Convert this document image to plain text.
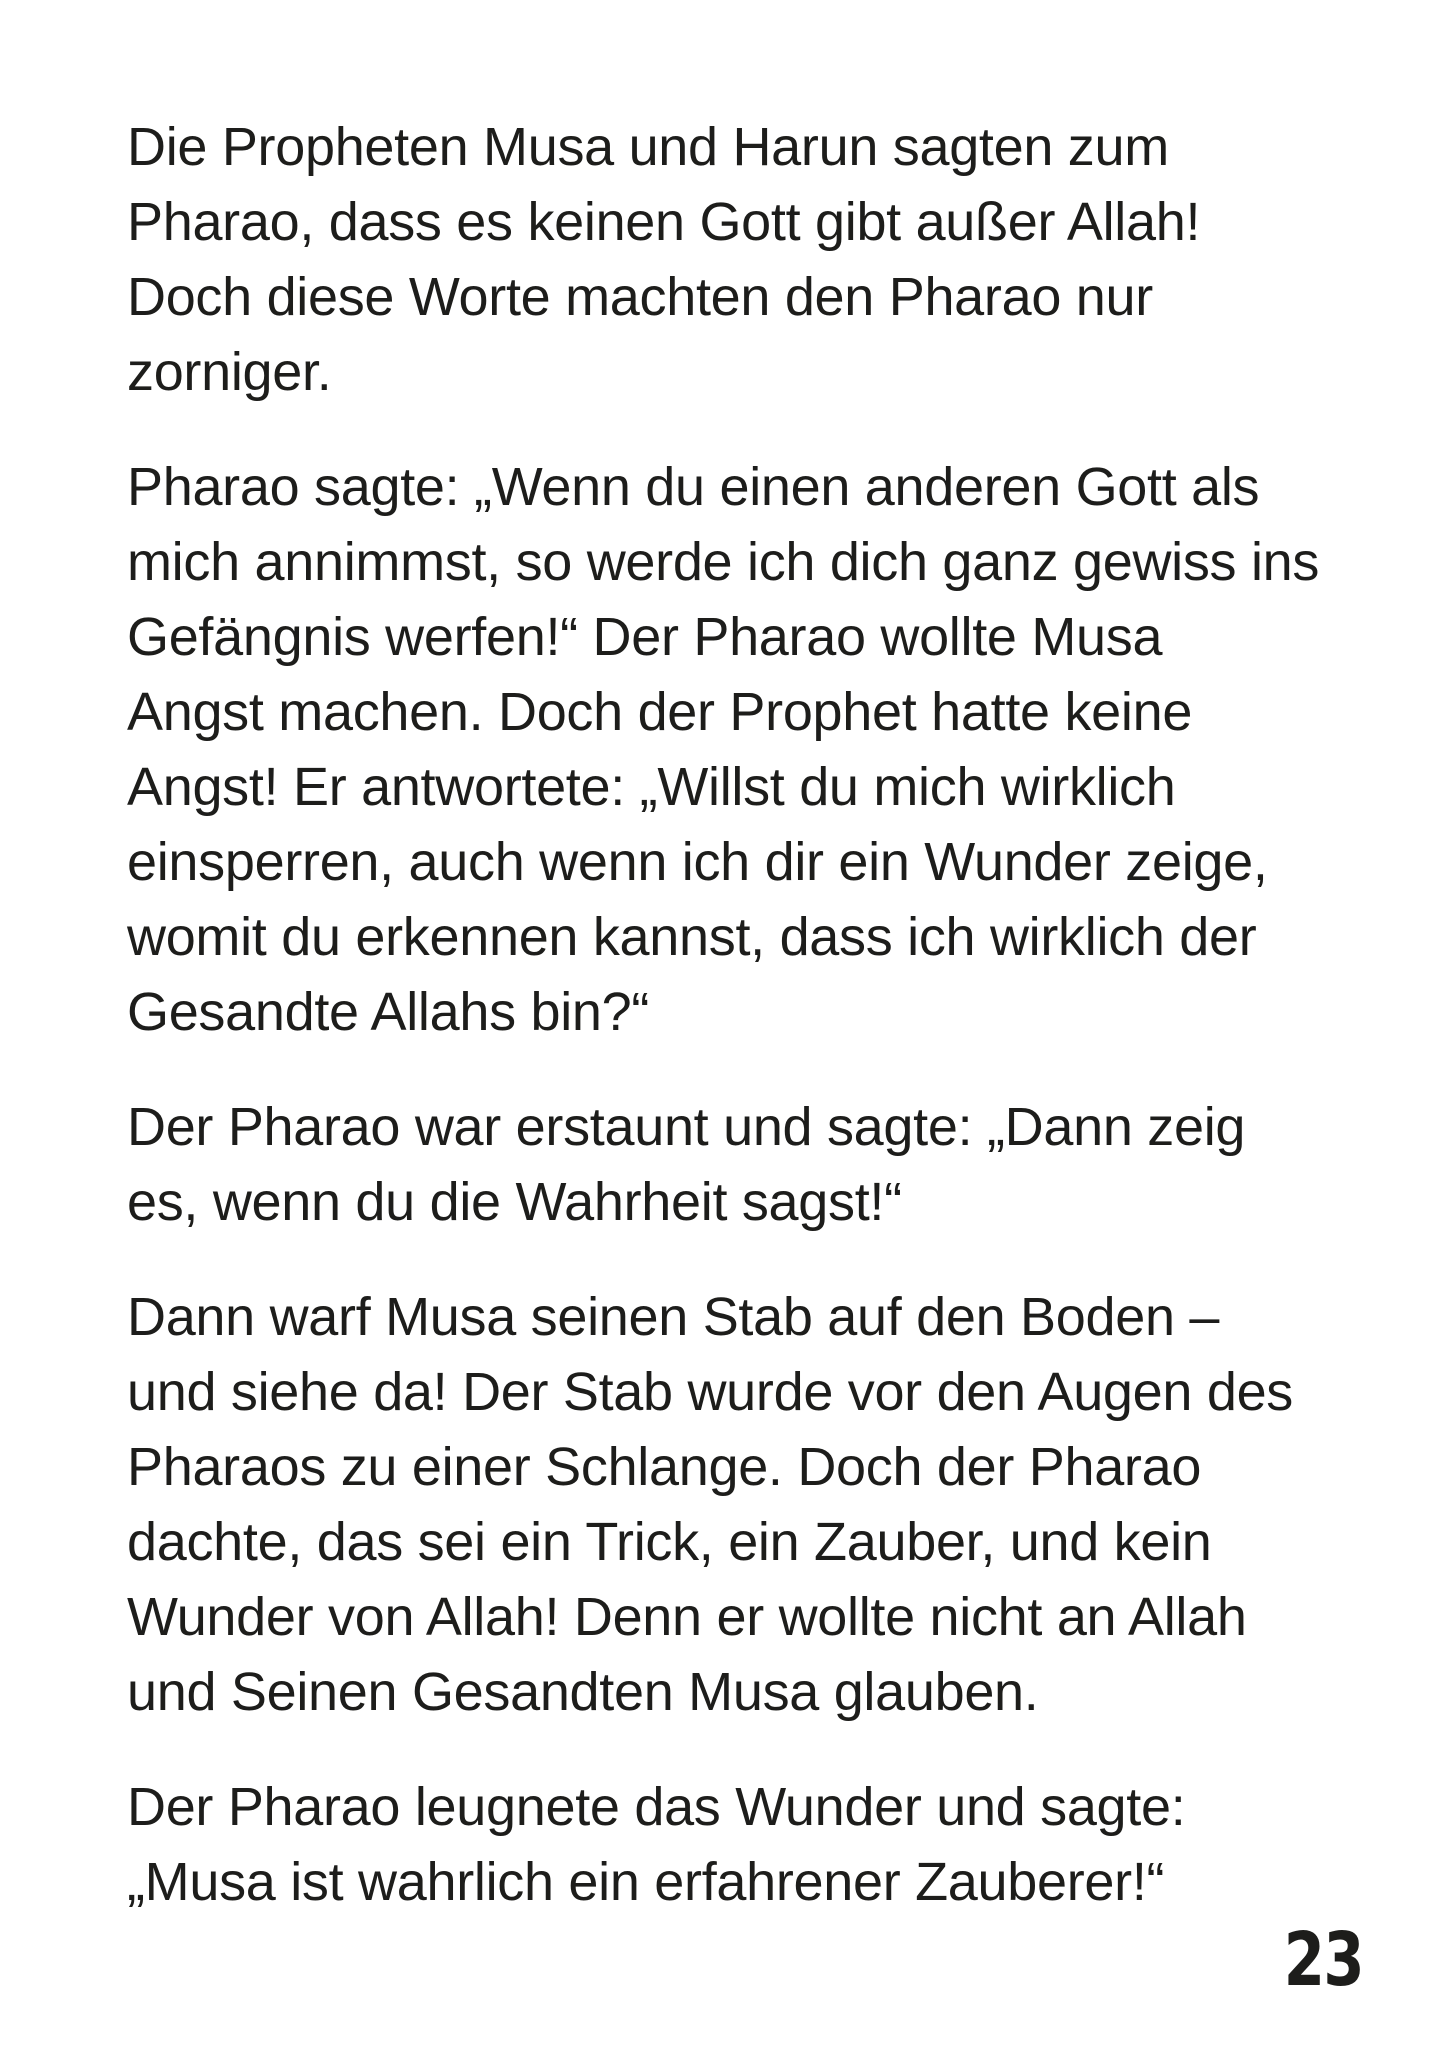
Die Propheten Musa und Harun sagten zum
Pharao, dass es keinen Gott gibt außer Allah!
Doch diese Worte machten den Pharao nur
zorniger.

Pharao sagte: „Wenn du einen anderen Gott als
mich annimmst, so werde ich dich ganz gewiss ins
Gefängnis werfen!“ Der Pharao wollte Musa
Angst machen. Doch der Prophet hatte keine
Angst! Er antwortete: „Willst du mich wirklich
einsperren, auch wenn ich dir ein Wunder zeige,
womit du erkennen kannst, dass ich wirklich der
Gesandte Allahs bin?“

Der Pharao war erstaunt und sagte: „Dann zeig
es, wenn du die Wahrheit sagst!“

Dann warf Musa seinen Stab auf den Boden –
und siehe da! Der Stab wurde vor den Augen des
Pharaos zu einer Schlange. Doch der Pharao
dachte, das sei ein Trick, ein Zauber, und kein
Wunder von Allah! Denn er wollte nicht an Allah
und Seinen Gesandten Musa glauben.

Der Pharao leugnete das Wunder und sagte:
„Musa ist wahrlich ein erfahrener Zauberer!“

23
